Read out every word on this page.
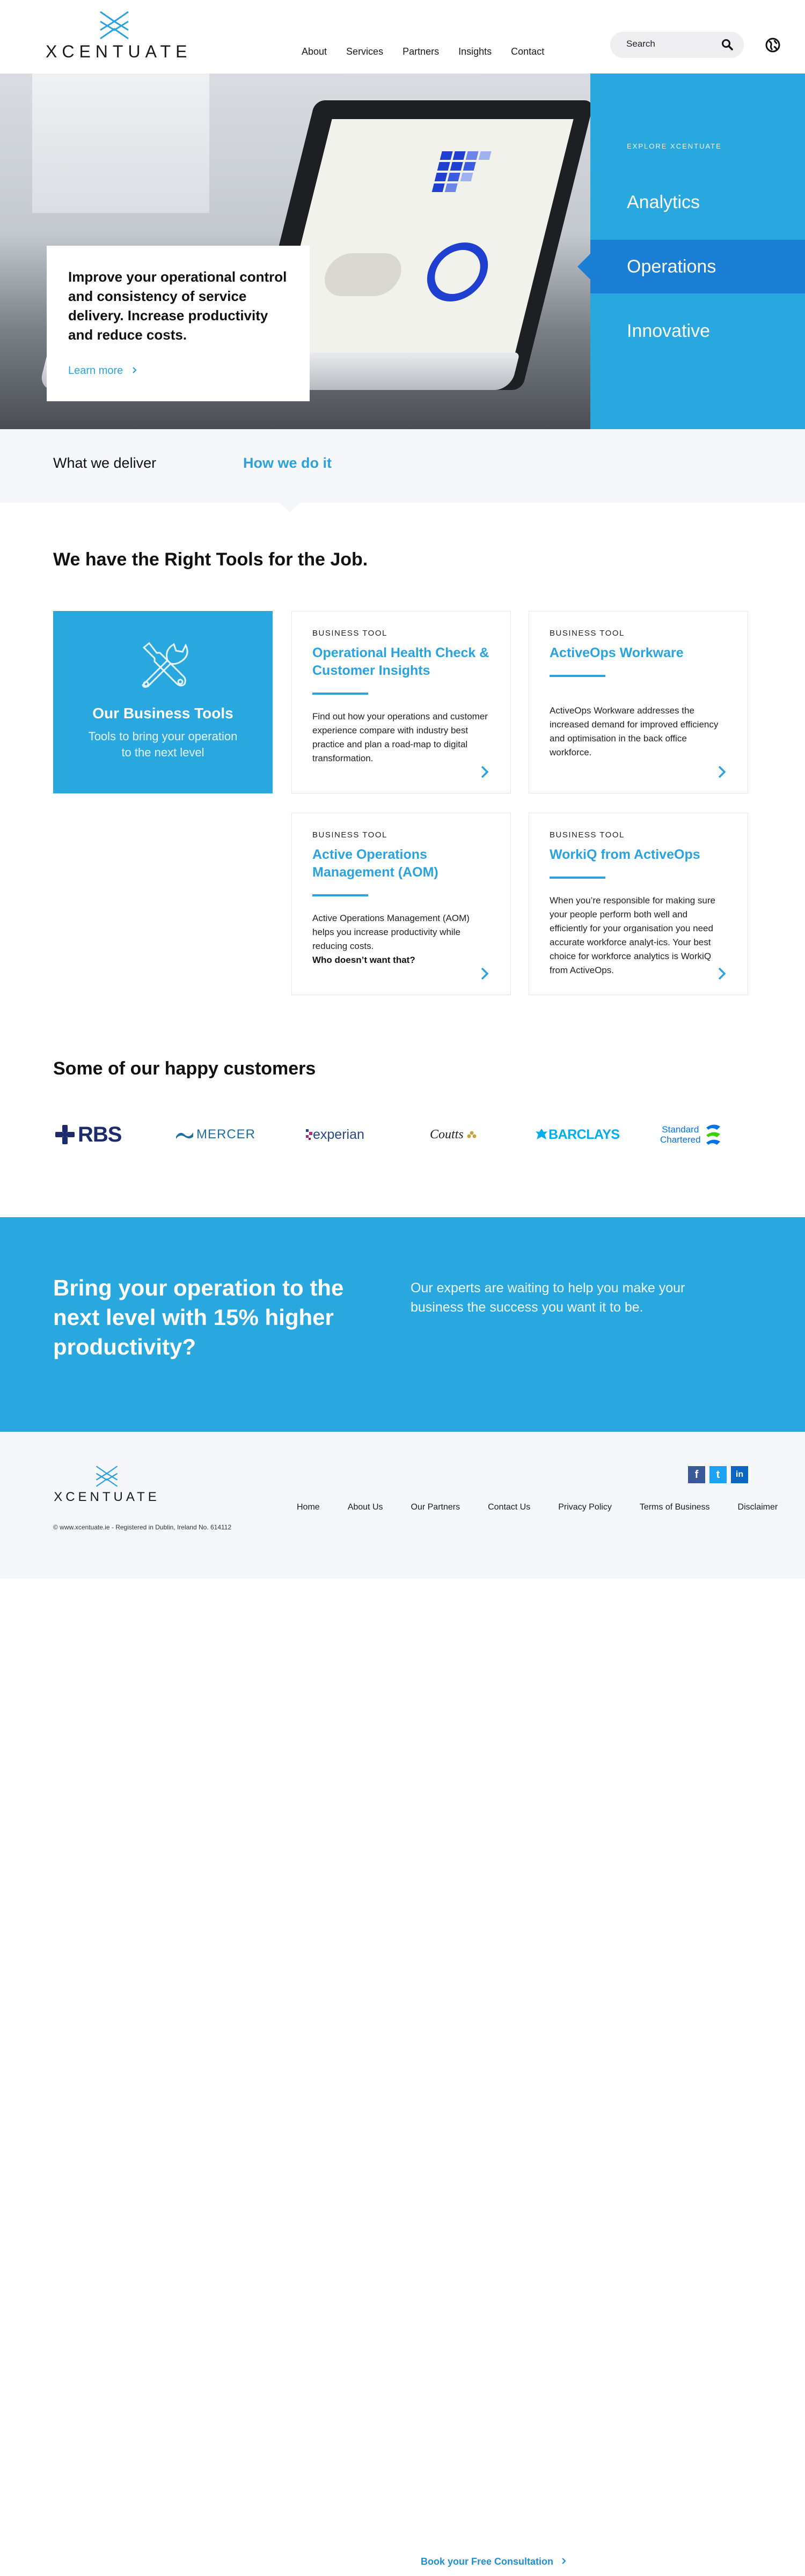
XCENTUATE	About Services Partners Insights Contact
Search
Improve your operational control and consistency of service delivery. Increase productivity and reduce costs.
Learn more
EXPLORE XCENTUATE
Analytics
Operations
Innovative
What we deliver	How we do it
We have the Right Tools for the Job.
Our Business Tools

Tools to bring your operation to the next level

BUSINESS TOOL
Operational Health Check & Customer Insights

Find out how your operations and customer experience compare with industry best practice and plan a road-map to digital transformation.

BUSINESS TOOL
ActiveOps Workware

ActiveOps Workware addresses the increased demand for improved efficiency and optimisation in the back office workforce.

BUSINESS TOOL
Active Operations Management (AOM)

Active Operations Management (AOM) helps you increase productivity while reducing costs.
Who doesn’t want that?

BUSINESS TOOL
WorkiQ from ActiveOps

When you’re responsible for making sure your people perform both well and efficiently for your organisation you need accurate workforce analyt-ics. Your best choice for workforce analytics is WorkiQ from ActiveOps.

Some of our happy customers
RBS	MERCER	experian	Coutts	BARCLAYS	Standard
Chartered
Bring your operation to the next level with 15% higher productivity?

Our experts are waiting to help you make your business the success you want it to be.

Book your Free Consultation
XCENTUATE
© www.xcentuate.ie - Registered in Dublin, Ireland No. 614112
f	t	in
Home	About Us	Our Partners	Contact Us	Privacy Policy	Terms of Business	Disclaimer
